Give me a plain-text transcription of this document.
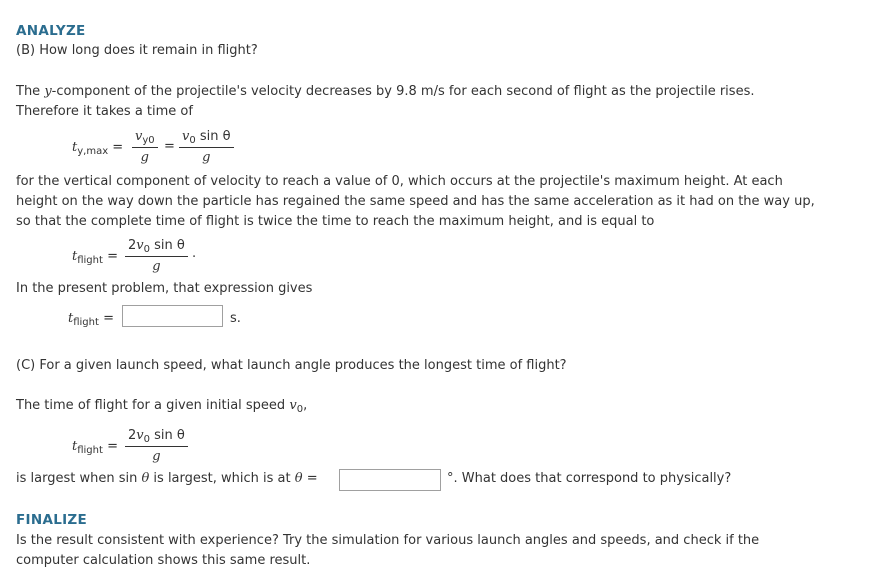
ANALYZE
(B) How long does it remain in flight?
The y-component of the projectile's velocity decreases by 9.8 m/s for each second of flight as the projectile rises. Therefore it takes a time of
$t_{y,max} = \frac{v_{y0}}{g} = \frac{v_0 \sin \theta}{g}$
for the vertical component of velocity to reach a value of 0, which occurs at the projectile's maximum height. At each height on the way down the particle has regained the same speed and has the same acceleration as it had on the way up, so that the complete time of flight is twice the time to reach the maximum height, and is equal to
$t_{flight} = \frac{2v_0 \sin \theta}{g}$ .
In the present problem, that expression gives
$t_{flight}$ =	s.
(C) For a given launch speed, what launch angle produces the longest time of flight?
The time of flight for a given initial speed $v_0$,
$t_{flight} = \frac{2v_0 \sin \theta}{g}$
is largest when sin θ is largest, which is at θ =	°. What does that correspond to physically?
FINALIZE
Is the result consistent with experience? Try the simulation for various launch angles and speeds, and check if the computer calculation shows this same result.
